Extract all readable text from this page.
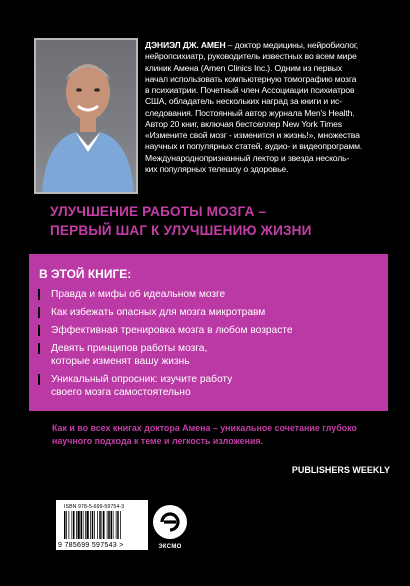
ДЭНИЭЛ ДЖ. АМЕН – доктор медицины, нейробиолог,
нейропсихиатр, руководитель известных во всем мире
клиник Амена (Amen Clinics Inc.). Одним из первых
начал использовать компьютерную томографию мозга
в психиатрии. Почетный член Ассоциации психиатров
США, обладатель нескольких наград за книги и ис-
следования. Постоянный автор журнала Men's Health.
Автор 20 книг, включая бестселлер New York Times
«Измените свой мозг - изменится и жизнь!», множества
научных и популярных статей, аудио- и видеопрограмм.
Международнопризнанный лектор и звезда несколь-
ких популярных телешоу о здоровье.
УЛУЧШЕНИЕ РАБОТЫ МОЗГА –
ПЕРВЫЙ ШАГ К УЛУЧШЕНИЮ ЖИЗНИ
В ЭТОЙ КНИГЕ:
Правда и мифы об идеальном мозге
Как избежать опасных для мозга микротравм
Эффективная тренировка мозга в любом возрасте
Девять принципов работы мозга,
которые изменят вашу жизнь
Уникальный опросник: изучите работу
своего мозга самостоятельно
Как и во всех книгах доктора Амена – уникальное сочетание глубоко
научного подхода к теме и легкость изложения.
PUBLISHERS WEEKLY
ISBN 978-5-699-59754-3
9 785699 597543 >	ЭКСМО
